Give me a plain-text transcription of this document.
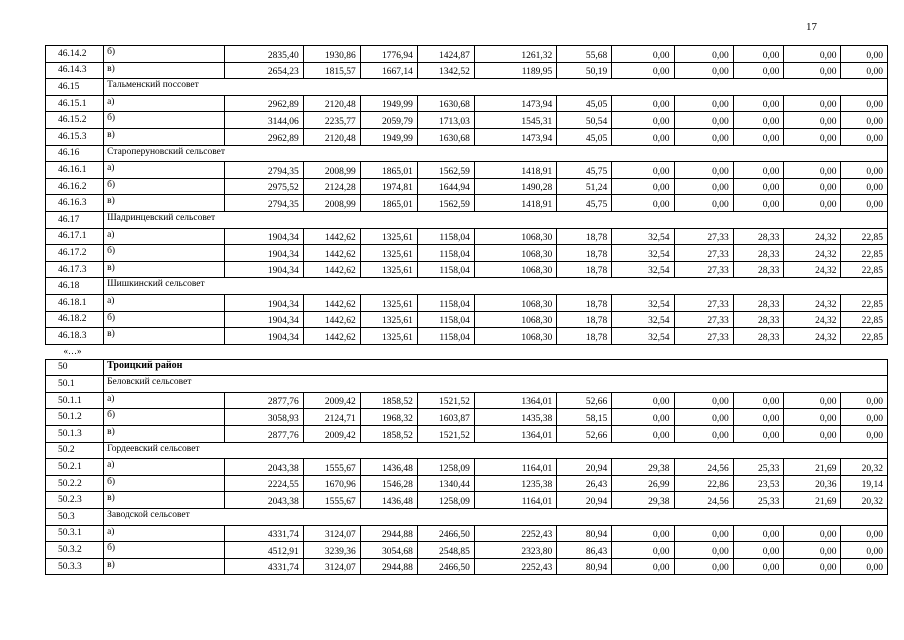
17
46.14.2	б)	2835,40	1930,86	1776,94	1424,87	1261,32	55,68	0,00	0,00	0,00	0,00	0,00
46.14.3	в)	2654,23	1815,57	1667,14	1342,52	1189,95	50,19	0,00	0,00	0,00	0,00	0,00
46.15	Тальменский поссовет											
46.15.1	а)	2962,89	2120,48	1949,99	1630,68	1473,94	45,05	0,00	0,00	0,00	0,00	0,00
46.15.2	б)	3144,06	2235,77	2059,79	1713,03	1545,31	50,54	0,00	0,00	0,00	0,00	0,00
46.15.3	в)	2962,89	2120,48	1949,99	1630,68	1473,94	45,05	0,00	0,00	0,00	0,00	0,00
46.16	Староперуновский сельсовет											
46.16.1	а)	2794,35	2008,99	1865,01	1562,59	1418,91	45,75	0,00	0,00	0,00	0,00	0,00
46.16.2	б)	2975,52	2124,28	1974,81	1644,94	1490,28	51,24	0,00	0,00	0,00	0,00	0,00
46.16.3	в)	2794,35	2008,99	1865,01	1562,59	1418,91	45,75	0,00	0,00	0,00	0,00	0,00
46.17	Шадринцевский сельсовет											
46.17.1	а)	1904,34	1442,62	1325,61	1158,04	1068,30	18,78	32,54	27,33	28,33	24,32	22,85
46.17.2	б)	1904,34	1442,62	1325,61	1158,04	1068,30	18,78	32,54	27,33	28,33	24,32	22,85
46.17.3	в)	1904,34	1442,62	1325,61	1158,04	1068,30	18,78	32,54	27,33	28,33	24,32	22,85
46.18	Шишкинский сельсовет											
46.18.1	а)	1904,34	1442,62	1325,61	1158,04	1068,30	18,78	32,54	27,33	28,33	24,32	22,85
46.18.2	б)	1904,34	1442,62	1325,61	1158,04	1068,30	18,78	32,54	27,33	28,33	24,32	22,85
46.18.3	в)	1904,34	1442,62	1325,61	1158,04	1068,30	18,78	32,54	27,33	28,33	24,32	22,85
«…»												
50	Троицкий район											
50.1	Беловский сельсовет											
50.1.1	а)	2877,76	2009,42	1858,52	1521,52	1364,01	52,66	0,00	0,00	0,00	0,00	0,00
50.1.2	б)	3058,93	2124,71	1968,32	1603,87	1435,38	58,15	0,00	0,00	0,00	0,00	0,00
50.1.3	в)	2877,76	2009,42	1858,52	1521,52	1364,01	52,66	0,00	0,00	0,00	0,00	0,00
50.2	Гордеевский сельсовет											
50.2.1	а)	2043,38	1555,67	1436,48	1258,09	1164,01	20,94	29,38	24,56	25,33	21,69	20,32
50.2.2	б)	2224,55	1670,96	1546,28	1340,44	1235,38	26,43	26,99	22,86	23,53	20,36	19,14
50.2.3	в)	2043,38	1555,67	1436,48	1258,09	1164,01	20,94	29,38	24,56	25,33	21,69	20,32
50.3	Заводской сельсовет											
50.3.1	а)	4331,74	3124,07	2944,88	2466,50	2252,43	80,94	0,00	0,00	0,00	0,00	0,00
50.3.2	б)	4512,91	3239,36	3054,68	2548,85	2323,80	86,43	0,00	0,00	0,00	0,00	0,00
50.3.3	в)	4331,74	3124,07	2944,88	2466,50	2252,43	80,94	0,00	0,00	0,00	0,00	0,00
